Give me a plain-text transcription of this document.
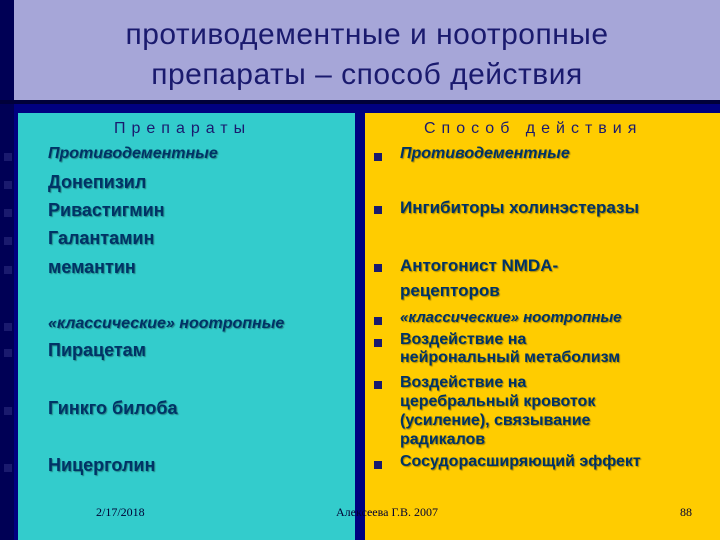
противодементные и ноотропные
препараты – способ действия
Препараты
Противодементные
Донепизил
Ривастигмин
Галантамин
мемантин
«классические» ноотропные
Пирацетам
Гинкго билоба
Ницерголин
Способ действия
Противодементные
Ингибиторы холинэстеразы
Антогонист NMDA-
рецепторов
«классические» ноотропные
Воздействие на
нейрональный метаболизм
Воздействие на
церебральный кровоток
(усиление), связывание
радикалов
Сосудорасширяющий эффект
2/17/2018	Алексеева Г.В. 2007	88
